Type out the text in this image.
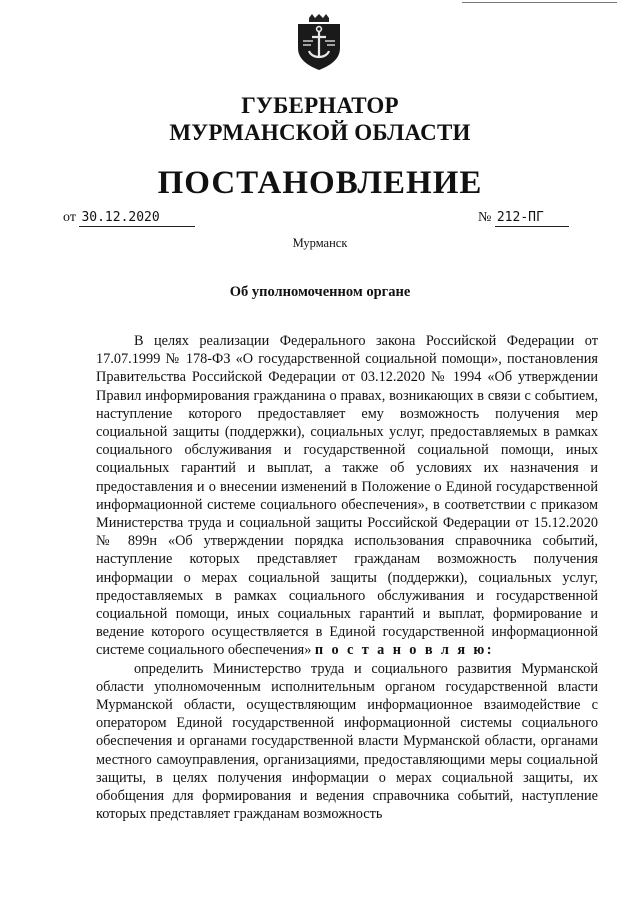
ГУБЕРНАТОР
МУРМАНСКОЙ ОБЛАСТИ
ПОСТАНОВЛЕНИЕ
от 30.12.2020	№ 212-ПГ
Мурманск
Об уполномоченном органе

В целях реализации Федерального закона Российской Федерации от 17.07.1999 № 178-ФЗ «О государственной социальной помощи», постановления Правительства Российской Федерации от 03.12.2020 № 1994 «Об утверждении Правил информирования гражданина о правах, возникающих в связи с событием, наступление которого предоставляет ему возможность получения мер социальной защиты (поддержки), социальных услуг, предоставляемых в рамках социального обслуживания и государственной социальной помощи, иных социальных гарантий и выплат, а также об условиях их назначения и предоставления и о внесении изменений в Положение о Единой государственной информационной системе социального обеспечения», в соответствии с приказом Министерства труда и социальной защиты Российской Федерации от 15.12.2020 № 899н «Об утверждении порядка использования справочника событий, наступление которых представляет гражданам возможность получения информации о мерах социальной защиты (поддержки), социальных услуг, предоставляемых в рамках социального обслуживания и государственной социальной помощи, иных социальных гарантий и выплат, формирование и ведение которого осуществляется в Единой государственной информационной системе социального обеспечения» п о с т а н о в л я ю:

определить Министерство труда и социального развития Мурманской области уполномоченным исполнительным органом государственной власти Мурманской области, осуществляющим информационное взаимодействие с оператором Единой государственной информационной системы социального обеспечения и органами государственной власти Мурманской области, органами местного самоуправления, организациями, предоставляющими меры социальной защиты, в целях получения информации о мерах социальной защиты, их обобщения для формирования и ведения справочника событий, наступление которых представляет гражданам возможность
